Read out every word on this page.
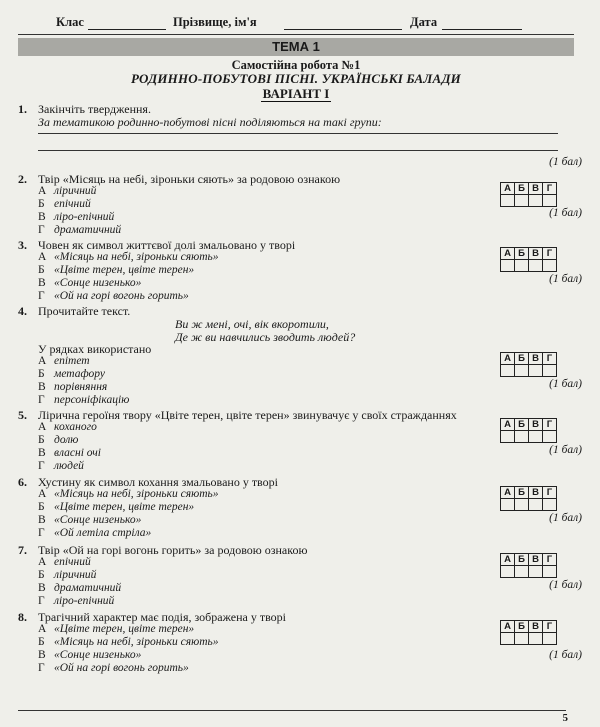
Клас	Прізвище, ім'я	Дата
ТЕМА 1
Самостійна робота №1
РОДИННО-ПОБУТОВІ ПІСНІ. УКРАЇНСЬКІ БАЛАДИ
ВАРІАНТ І
1. Закінчіть твердження.
За тематикою родинно-побутові пісні поділяються на такі групи:
(1 бал)
2. Твір «Місяць на небі, зіроньки сяють» за родовою ознакою
А ліричний
Б епічний
В ліро-епічний
Г драматичний
А	Б	В	Г

(1 бал)
3. Човен як символ життєвої долі змальовано у творі
А «Місяць на небі, зіроньки сяють»
Б «Цвіте терен, цвіте терен»
В «Сонце низенько»
Г «Ой на горі вогонь горить»
А	Б	В	Г

(1 бал)
4. Прочитайте текст.
У рядках використано
А епітет
Б метафору
В порівняння
Г персоніфікацію
Ви ж мені, очі, вік вкоротили,
Де ж ви навчились зводить людей?
А	Б	В	Г

(1 бал)
5. Лірична героїня твору «Цвіте терен, цвіте терен» звинувачує у своїх стражданнях
А коханого
Б долю
В власні очі
Г людей
А	Б	В	Г

(1 бал)
6. Хустину як символ кохання змальовано у творі
А «Місяць на небі, зіроньки сяють»
Б «Цвіте терен, цвіте терен»
В «Сонце низенько»
Г «Ой летіла стріла»
А	Б	В	Г

(1 бал)
7. Твір «Ой на горі вогонь горить» за родовою ознакою
А епічний
Б ліричний
В драматичний
Г ліро-епічний
А	Б	В	Г

(1 бал)
8. Трагічний характер має подія, зображена у творі
А «Цвіте терен, цвіте терен»
Б «Місяць на небі, зіроньки сяють»
В «Сонце низенько»
Г «Ой на горі вогонь горить»
А	Б	В	Г

(1 бал)
5
